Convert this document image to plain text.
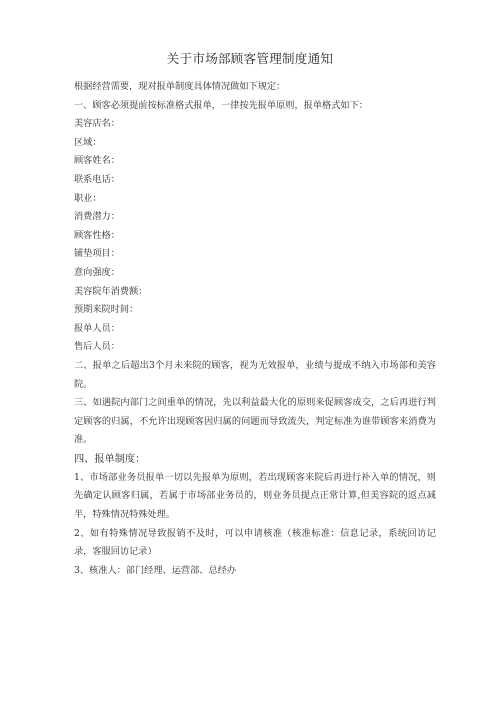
关于市场部顾客管理制度通知
根据经营需要，现对报单制度具体情况做如下规定：
一、顾客必须提前按标准格式报单，一律按先报单原则，报单格式如下：
美容店名：
区域：
顾客姓名：
联系电话：
职业：
消费潜力：
顾客性格：
铺垫项目：
意向强度：
美容院年消费额：
预期来院时间：
报单人员：
售后人员：
二、报单之后超出3个月未来院的顾客，视为无效报单，业绩与提成不纳入市场部和美容院。
三、如遇院内部门之间重单的情况，先以利益最大化的原则来促顾客成交，之后再进行判定顾客的归属，不允许出现顾客因归属的问题而导致流失，判定标准为谁带顾客来消费为准。
四、报单制度：
1、市场部业务员报单一切以先报单为原则，若出现顾客来院后再进行补入单的情况，则先确定认顾客归属，若属于市场部业务员的，则业务员提点正常计算,但美容院的返点减半，特殊情况特殊处理。
2、如有特殊情况导致报销不及时，可以申请核准（核准标准：信息记录，系统回访记录，客服回访记录）
3、核准人：部门经理、运营部、总经办
